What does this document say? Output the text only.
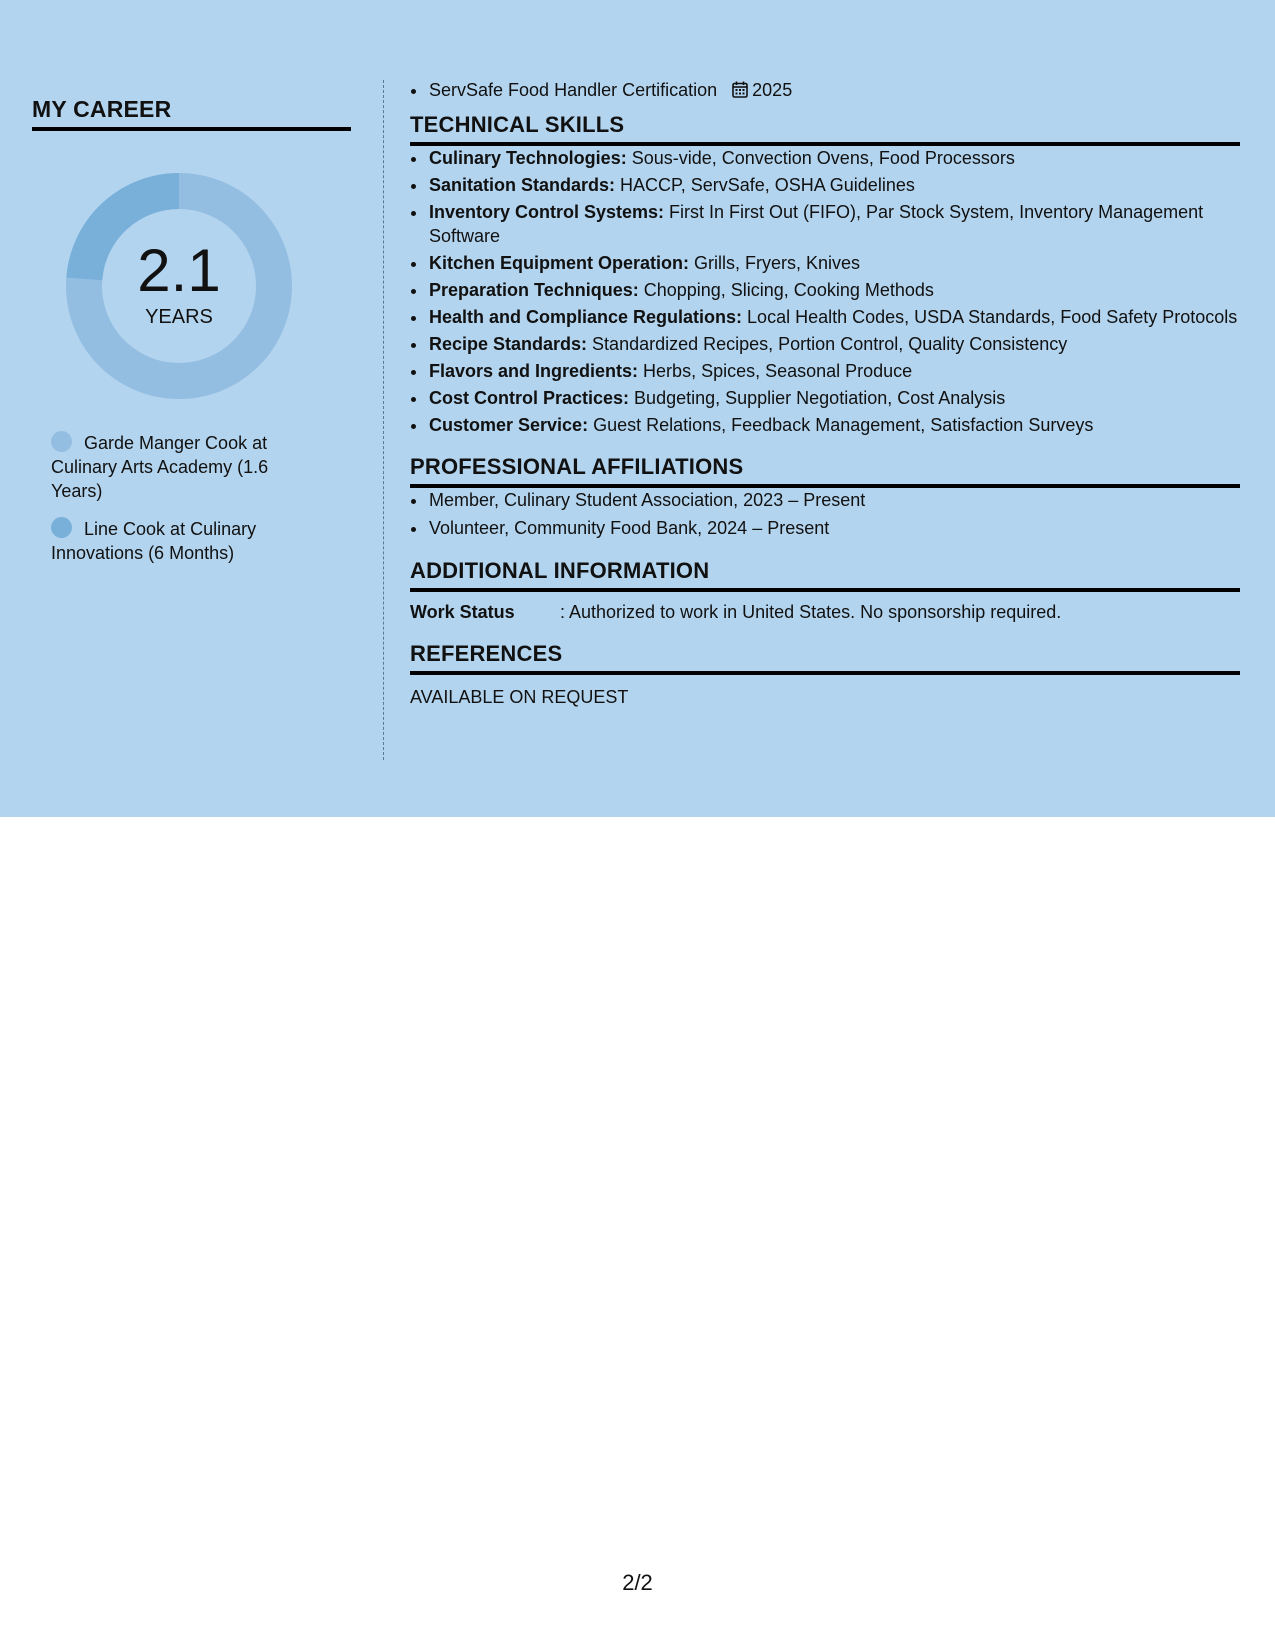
MY CAREER
2.1
YEARS
Garde Manger Cook at Culinary Arts Academy (1.6 Years)
Line Cook at Culinary Innovations (6 Months)
• ServSafe Food Handler Certification 2025
TECHNICAL SKILLS
• Culinary Technologies: Sous-vide, Convection Ovens, Food Processors
• Sanitation Standards: HACCP, ServSafe, OSHA Guidelines
• Inventory Control Systems: First In First Out (FIFO), Par Stock System, Inventory Management Software
• Kitchen Equipment Operation: Grills, Fryers, Knives
• Preparation Techniques: Chopping, Slicing, Cooking Methods
• Health and Compliance Regulations: Local Health Codes, USDA Standards, Food Safety Protocols
• Recipe Standards: Standardized Recipes, Portion Control, Quality Consistency
• Flavors and Ingredients: Herbs, Spices, Seasonal Produce
• Cost Control Practices: Budgeting, Supplier Negotiation, Cost Analysis
• Customer Service: Guest Relations, Feedback Management, Satisfaction Surveys
PROFESSIONAL AFFILIATIONS
• Member, Culinary Student Association, 2023 – Present
• Volunteer, Community Food Bank, 2024 – Present
ADDITIONAL INFORMATION
Work Status	: Authorized to work in United States. No sponsorship required.
REFERENCES
AVAILABLE ON REQUEST
2/2
